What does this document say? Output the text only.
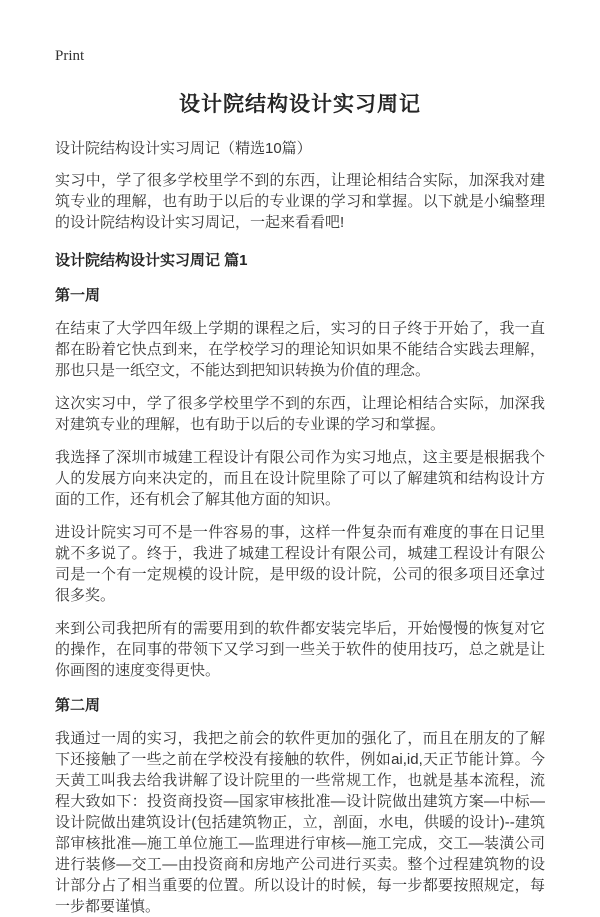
Print
设计院结构设计实习周记
设计院结构设计实习周记（精选10篇）

实习中，学了很多学校里学不到的东西，让理论相结合实际，加深我对建筑专业的理解，也有助于以后的专业课的学习和掌握。以下就是小编整理的设计院结构设计实习周记，一起来看看吧!

设计院结构设计实习周记 篇1
第一周

在结束了大学四年级上学期的课程之后，实习的日子终于开始了，我一直都在盼着它快点到来，在学校学习的理论知识如果不能结合实践去理解，那也只是一纸空文，不能达到把知识转换为价值的理念。

这次实习中，学了很多学校里学不到的东西，让理论相结合实际，加深我对建筑专业的理解，也有助于以后的专业课的学习和掌握。

我选择了深圳市城建工程设计有限公司作为实习地点，这主要是根据我个人的发展方向来决定的，而且在设计院里除了可以了解建筑和结构设计方面的工作，还有机会了解其他方面的知识。

进设计院实习可不是一件容易的事，这样一件复杂而有难度的事在日记里就不多说了。终于，我进了城建工程设计有限公司，城建工程设计有限公司是一个有一定规模的设计院，是甲级的设计院，公司的很多项目还拿过很多奖。

来到公司我把所有的需要用到的软件都安装完毕后，开始慢慢的恢复对它的操作，在同事的带领下又学习到一些关于软件的使用技巧，总之就是让你画图的速度变得更快。

第二周

我通过一周的实习，我把之前会的软件更加的强化了，而且在朋友的了解下还接触了一些之前在学校没有接触的软件，例如ai,id,天正节能计算。今天黄工叫我去给我讲解了设计院里的一些常规工作，也就是基本流程，流程大致如下：投资商投资—国家审核批准—设计院做出建筑方案—中标—设计院做出建筑设计(包括建筑物正，立，剖面，水电，供暖的设计)--建筑部审核批准—施工单位施工—监理进行审核—施工完成，交工—装潢公司进行装修—交工—由投资商和房地产公司进行买卖。整个过程建筑物的设计部分占了相当重要的位置。所以设计的时候，每一步都要按照规定，每一步都要谨慎。
